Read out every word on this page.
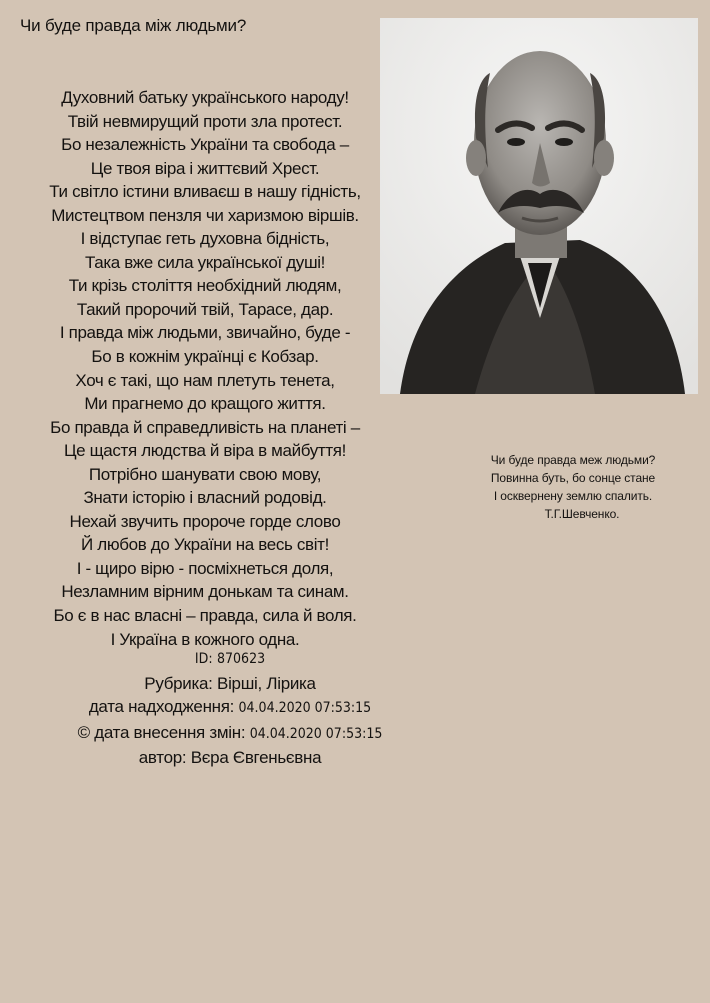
Чи буде правда між людьми?
Духовний батьку українського народу!
Твій невмирущий проти зла протест.
Бо незалежність України та свобода –
Це твоя віра і життєвий Хрест.
Ти світло істини вливаєш в нашу гідність,
Мистецтвом пензля чи харизмою віршів.
І відступає геть духовна бідність,
Така вже сила української душі!
Ти крізь століття необхідний людям,
Такий пророчий твій, Тарасе, дар.
І правда між людьми, звичайно, буде -
Бо в кожнім українці є Кобзар.
Хоч є такі, що нам плетуть тенета,
Ми прагнемо до кращого життя.
Бо правда й справедливість на планеті –
Це щастя людства й віра в майбуття!
Потрібно шанувати свою мову,
Знати історію і власний родовід.
Нехай звучить пророче горде слово
Й любов до України на весь світ!
І - щиро вірю - посміхнеться доля,
Незламним вірним донькам та синам.
Бо є в нас власні – правда, сила й воля.
І Україна в кожного одна.
ID: 870623
Рубрика: Вірші, Лірика
дата надходження: 04.04.2020 07:53:15
© дата внесення змін: 04.04.2020 07:53:15
автор: Вєра Євгеньєвна
Чи буде правда меж людьми?
Повинна буть, бо сонце стане
І осквернену землю спалить.
Т.Г.Шевченко.
